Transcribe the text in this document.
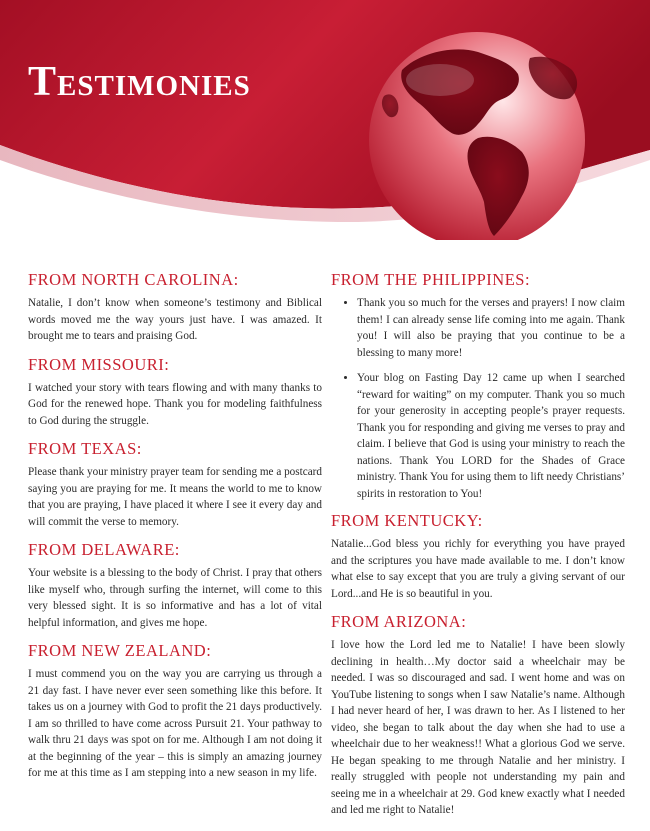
Testimonies
FROM NORTH CAROLINA:

Natalie, I don’t know when someone’s testimony and Biblical words moved me the way yours just have. I was amazed. It brought me to tears and praising God.

FROM MISSOURI:

I watched your story with tears flowing and with many thanks to God for the renewed hope. Thank you for modeling faithfulness to God during the struggle.

FROM TEXAS:

Please thank your ministry prayer team for sending me a postcard saying you are praying for me. It means the world to me to know that you are praying, I have placed it where I see it every day and will commit the verse to memory.

FROM DELAWARE:

Your website is a blessing to the body of Christ. I pray that others like myself who, through surfing the internet, will come to this very blessed sight. It is so informative and has a lot of vital helpful information, and gives me hope.

FROM NEW ZEALAND:

I must commend you on the way you are carrying us through a 21 day fast. I have never ever seen something like this before. It takes us on a journey with God to profit the 21 days productively. I am so thrilled to have come across Pursuit 21. Your pathway to walk thru 21 days was spot on for me. Although I am not doing it at the beginning of the year – this is simply an amazing journey for me at this time as I am stepping into a new season in my life.

FROM THE PHILIPPINES:
• Thank you so much for the verses and prayers! I now claim them! I can already sense life coming into me again. Thank you! I will also be praying that you continue to be a blessing to many more!
• Your blog on Fasting Day 12 came up when I searched “reward for waiting” on my computer. Thank you so much for your generosity in accepting people’s prayer requests. Thank you for responding and giving me verses to pray and claim. I believe that God is using your ministry to reach the nations. Thank You LORD for the Shades of Grace ministry. Thank You for using them to lift needy Christians’ spirits in restoration to You!
FROM KENTUCKY:

Natalie...God bless you richly for everything you have prayed and the scriptures you have made available to me. I don’t know what else to say except that you are truly a giving servant of our Lord...and He is so beautiful in you.

FROM ARIZONA:

I love how the Lord led me to Natalie! I have been slowly declining in health…My doctor said a wheelchair may be needed. I was so discouraged and sad. I went home and was on YouTube listening to songs when I saw Natalie’s name. Although I had never heard of her, I was drawn to her. As I listened to her video, she began to talk about the day when she had to use a wheelchair due to her weakness!! What a glorious God we serve. He began speaking to me through Natalie and her ministry. I really struggled with people not understanding my pain and seeing me in a wheelchair at 29. God knew exactly what I needed and led me right to Natalie!
